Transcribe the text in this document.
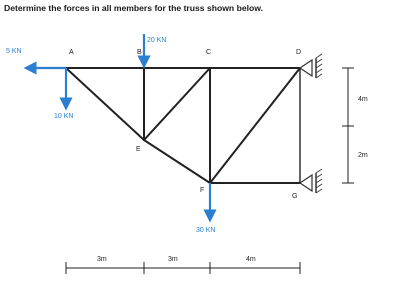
Determine the forces in all members for the truss shown below.
5 KN
10 KN
20 KN
30 KN
A	B	C	D
E
F
G
3m	3m	4m
4m
2m
